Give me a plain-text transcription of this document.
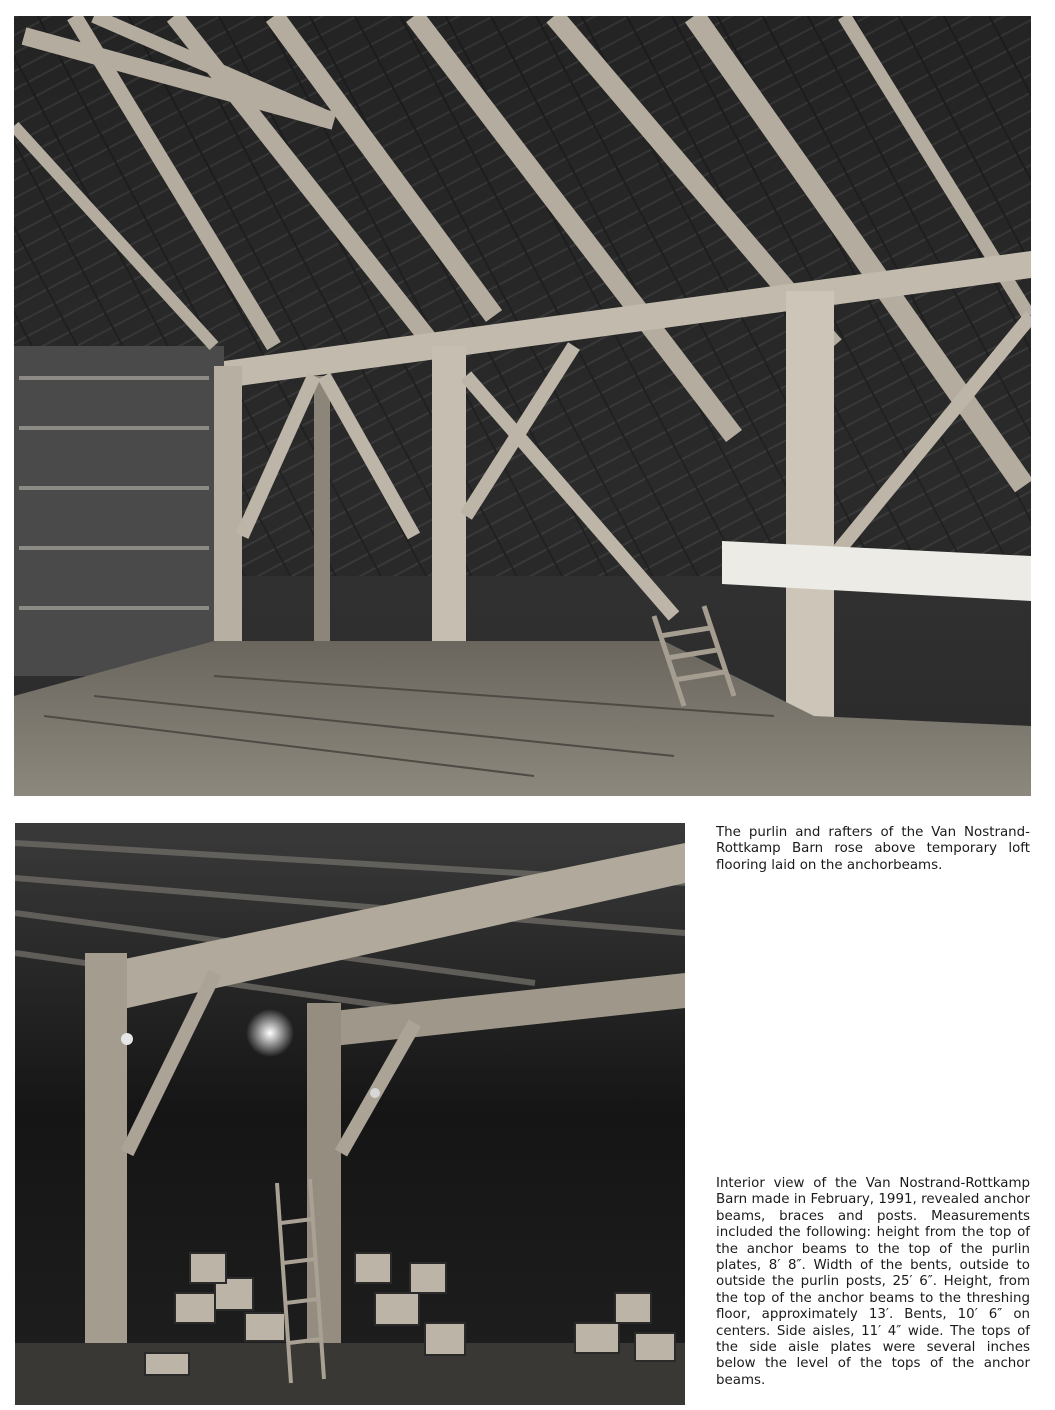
The purlin and rafters of the Van Nostrand-Rottkamp Barn rose above temporary loft flooring laid on the anchorbeams.

Interior view of the Van Nostrand-Rottkamp Barn made in February, 1991, revealed anchor beams, braces and posts. Measurements included the following: height from the top of the anchor beams to the top of the purlin plates, 8′ 8″. Width of the bents, outside to outside the purlin posts, 25′ 6″. Height, from the top of the anchor beams to the threshing floor, approximately 13′. Bents, 10′ 6″ on centers. Side aisles, 11′ 4″ wide. The tops of the side aisle plates were several inches below the level of the tops of the anchor beams.
